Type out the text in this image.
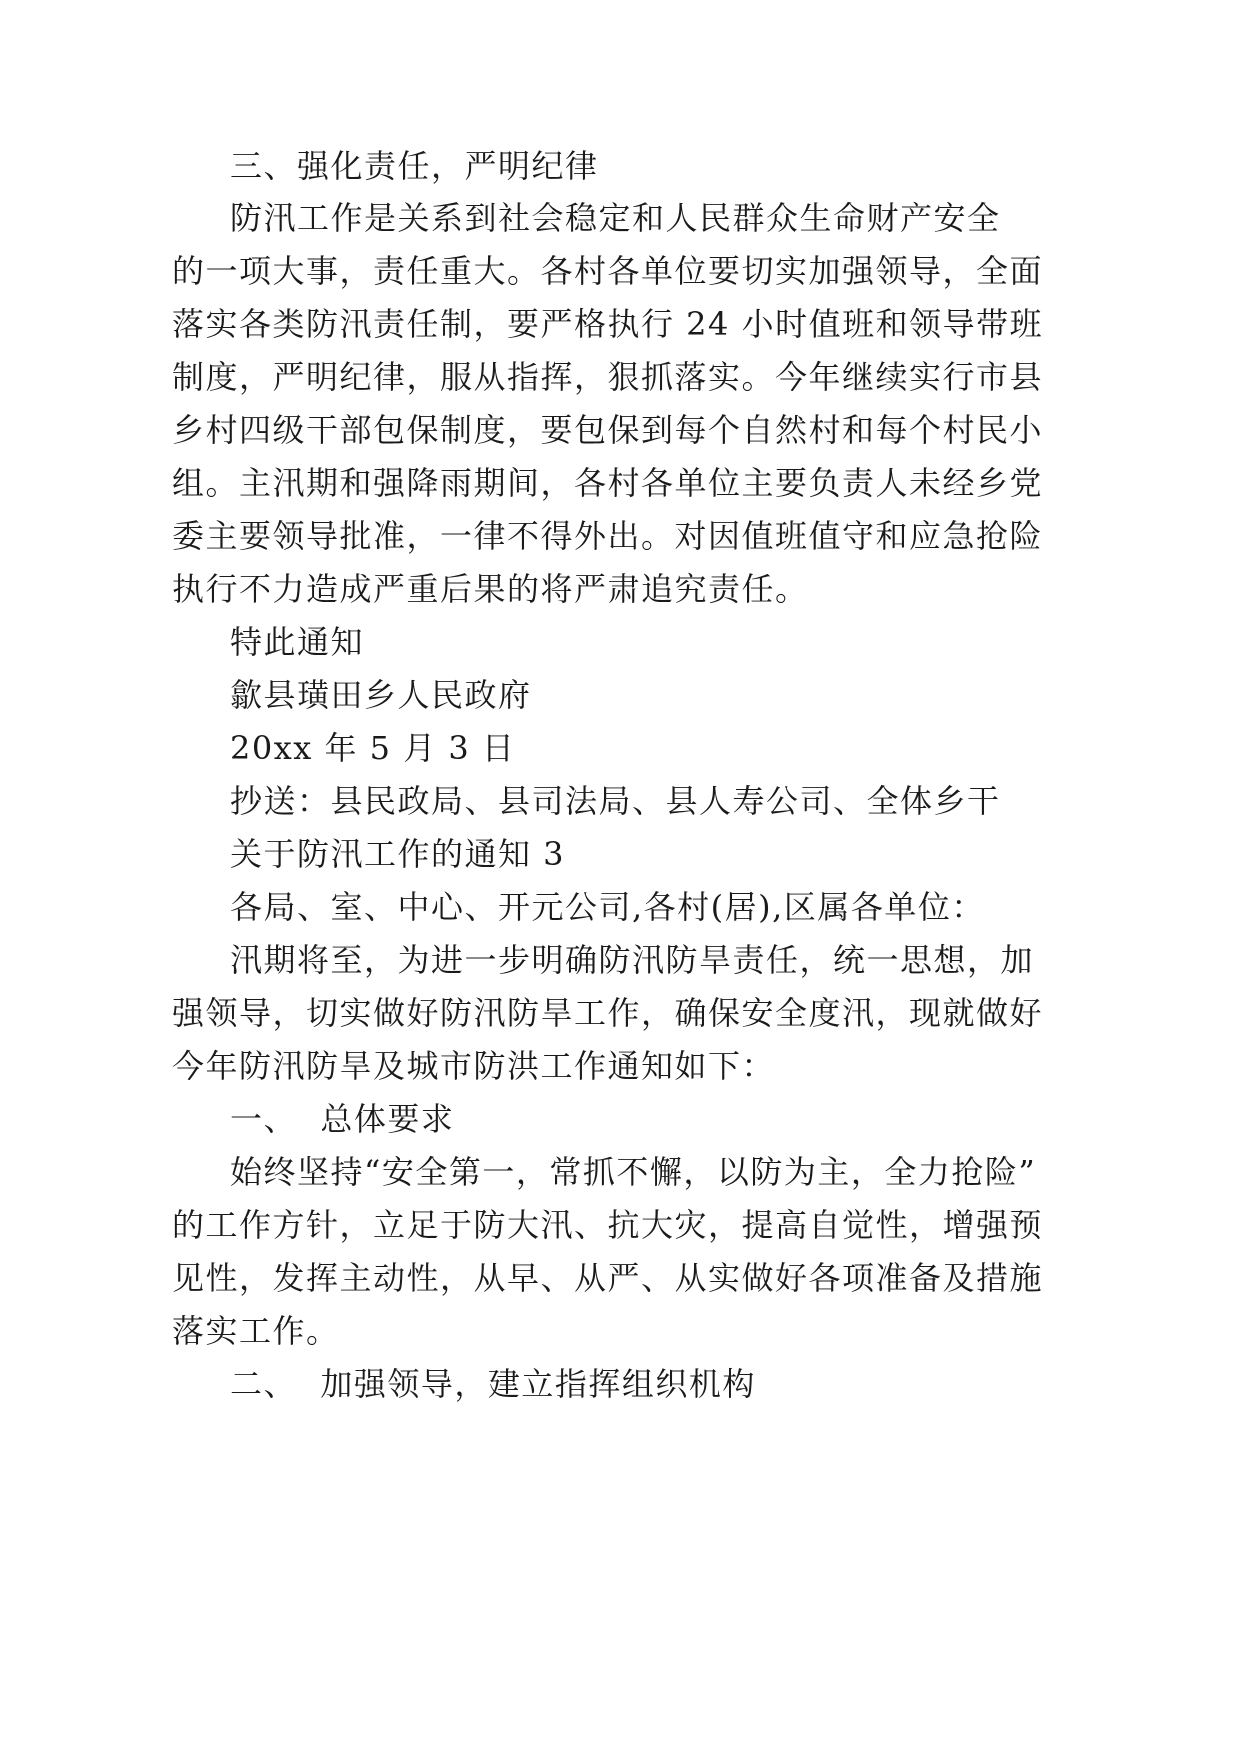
三、强化责任，严明纪律
防汛工作是关系到社会稳定和人民群众生命财产安全
的一项大事，责任重大。各村各单位要切实加强领导，全面
落实各类防汛责任制，要严格执行 24 小时值班和领导带班
制度，严明纪律，服从指挥，狠抓落实。今年继续实行市县
乡村四级干部包保制度，要包保到每个自然村和每个村民小
组。主汛期和强降雨期间，各村各单位主要负责人未经乡党
委主要领导批准，一律不得外出。对因值班值守和应急抢险
执行不力造成严重后果的将严肃追究责任。
特此通知
歙县璜田乡人民政府
20xx 年 5 月 3 日
抄送：县民政局、县司法局、县人寿公司、全体乡干
关于防汛工作的通知 3
各局、室、中心、开元公司,各村(居),区属各单位：
汛期将至，为进一步明确防汛防旱责任，统一思想，加
强领导，切实做好防汛防旱工作，确保安全度汛，现就做好
今年防汛防旱及城市防洪工作通知如下：
一、  总体要求
始终坚持“安全第一，常抓不懈，以防为主，全力抢险”
的工作方针，立足于防大汛、抗大灾，提高自觉性，增强预
见性，发挥主动性，从早、从严、从实做好各项准备及措施
落实工作。
二、  加强领导，建立指挥组织机构
